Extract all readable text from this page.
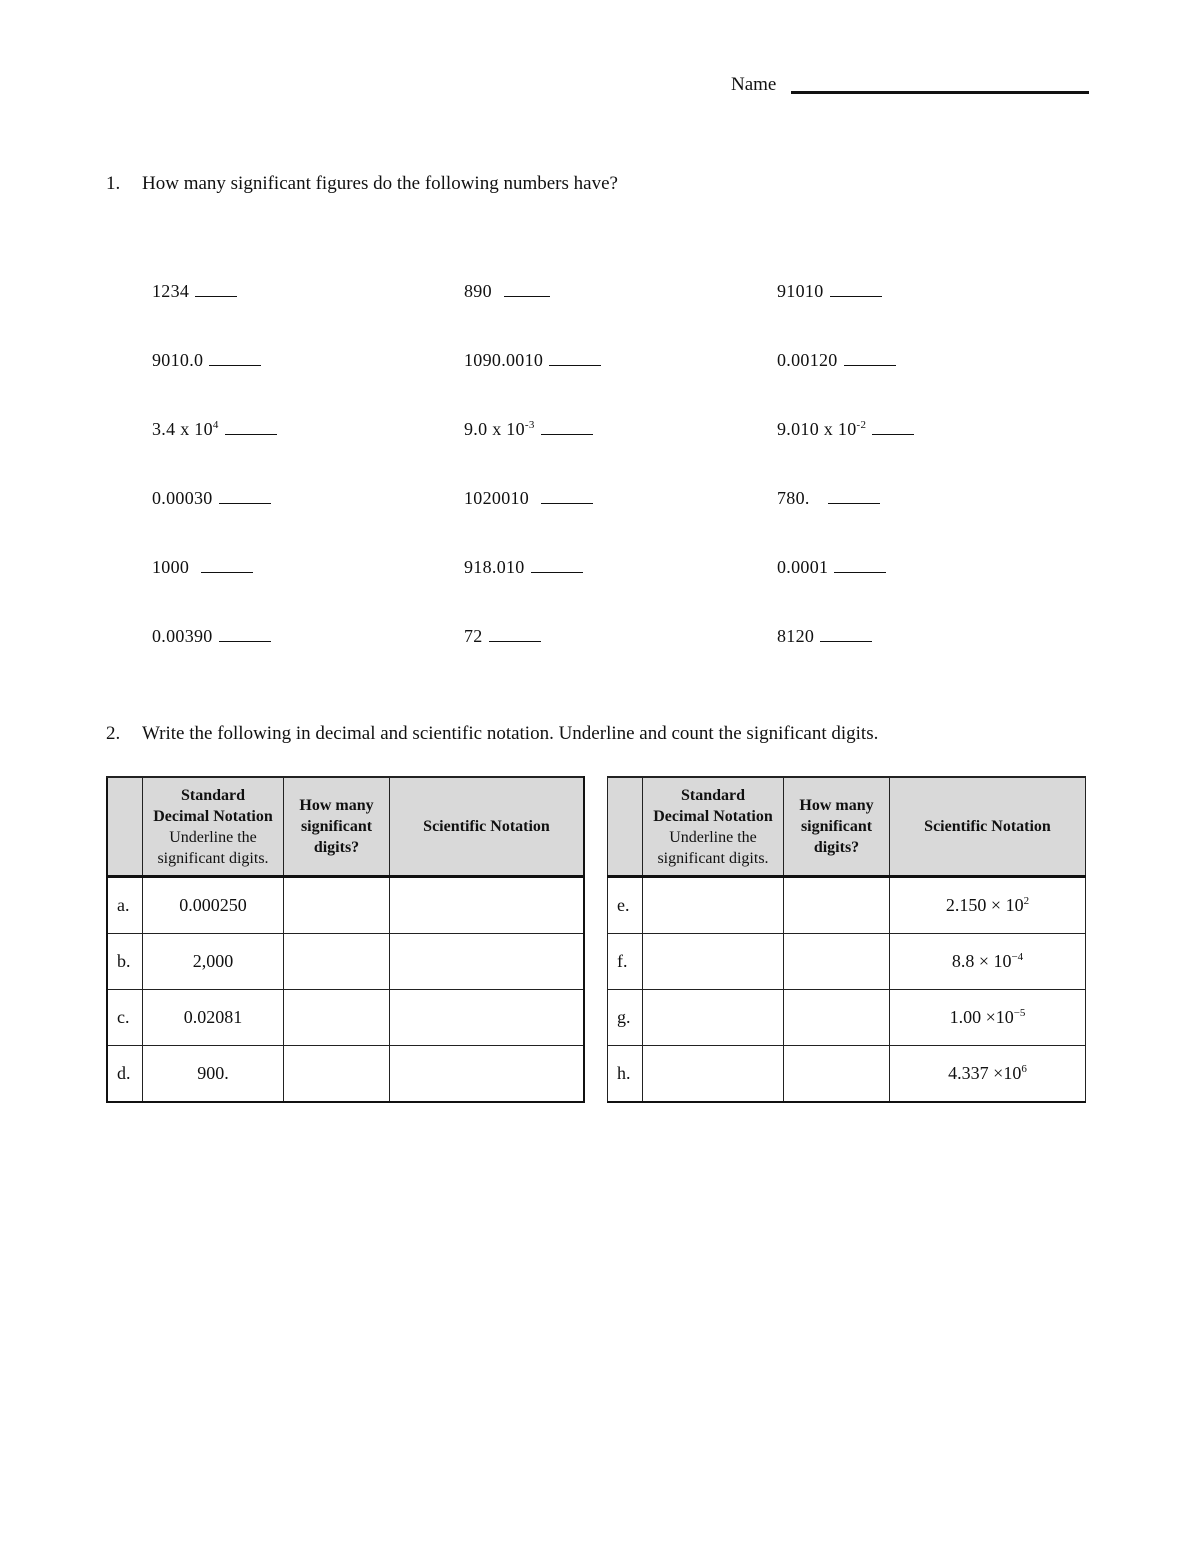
Name
1. How many significant figures do the following numbers have?
1234	890	91010
9010.0	1090.0010	0.00120
3.4 x $10^4$	9.0 x $10^{-3}$	9.010 x $10^{-2}$
0.00030	1020010	780.
1000	918.010	0.0001
0.00390	72	8120
2. Write the following in decimal and scientific notation. Underline and count the significant digits.

	Standard
Decimal Notation
Underline the
significant digits.	How many
significant
digits?	Scientific Notation
a.	0.000250		
b.	2,000		
c.	0.02081		
d.	900.		

	Standard
Decimal Notation
Underline the
significant digits.	How many
significant
digits?	Scientific Notation
e.			$2.150 \times 10^2$
f.			$8.8 \times 10^{-4}$
g.			$1.00 \times 10^{-5}$
h.			$4.337 \times 10^6$
